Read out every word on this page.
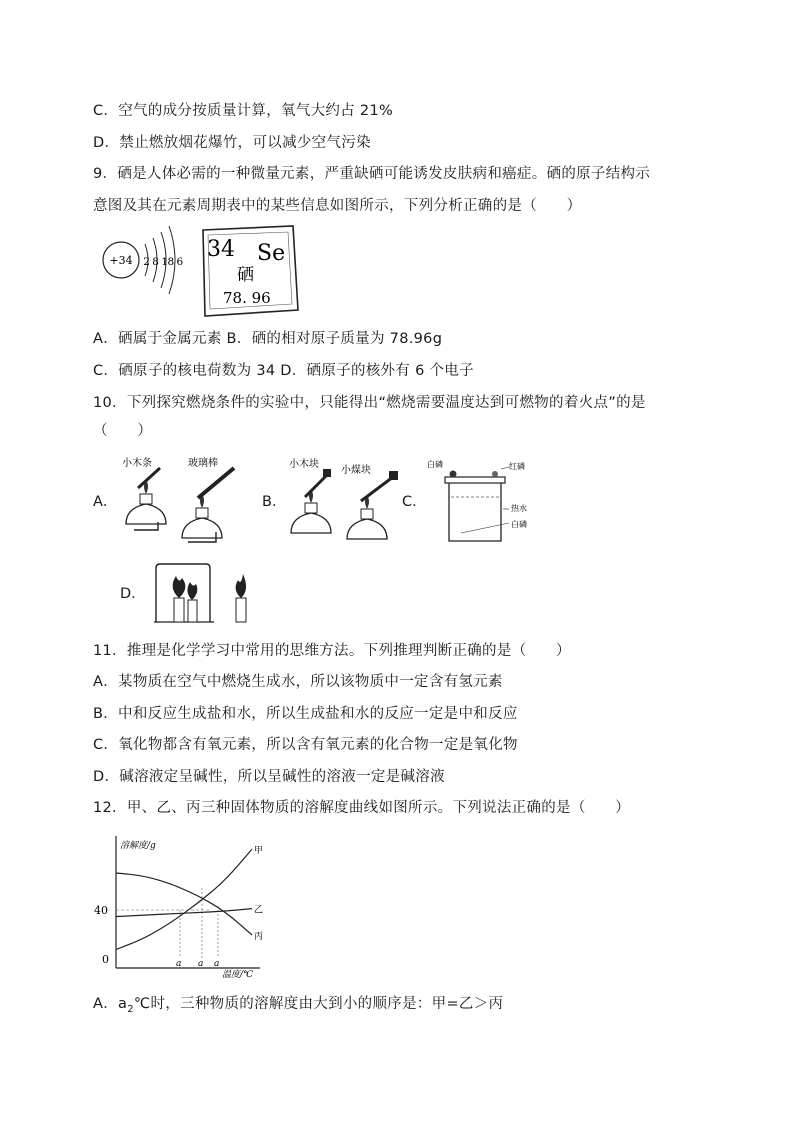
C．空气的成分按质量计算，氧气大约占 21%
D．禁止燃放烟花爆竹，可以减少空气污染
9．硒是人体必需的一种微量元素，严重缺硒可能诱发皮肤病和癌症。硒的原子结构示
意图及其在元素周期表中的某些信息如图所示，下列分析正确的是（　　）
+34 2 8 18 6 34 Se
硒
78. 96
A．硒属于金属元素 B．硒的相对原子质量为 78.96g
C．硒原子的核电荷数为 34 D．硒原子的核外有 6 个电子
10．下列探究燃烧条件的实验中，只能得出“燃烧需要温度达到可燃物的着火点”的是
（　　）
A．
小木条	玻璃棒
B．
小木块
小煤块
C．
白磷	红磷
热水
白磷
D．
11．推理是化学学习中常用的思维方法。下列推理判断正确的是（　　）
A．某物质在空气中燃烧生成水，所以该物质中一定含有氢元素
B．中和反应生成盐和水，所以生成盐和水的反应一定是中和反应
C．氧化物都含有氧元素，所以含有氧元素的化合物一定是氧化物
D．碱溶液定呈碱性，所以呈碱性的溶液一定是碱溶液
12．甲、乙、丙三种固体物质的溶解度曲线如图所示。下列说法正确的是（　　）
溶解度/g
温度/℃
0
40
a a a
甲
乙
丙
A．$a_2℃$时，三种物质的溶解度由大到小的顺序是：甲=乙＞丙
